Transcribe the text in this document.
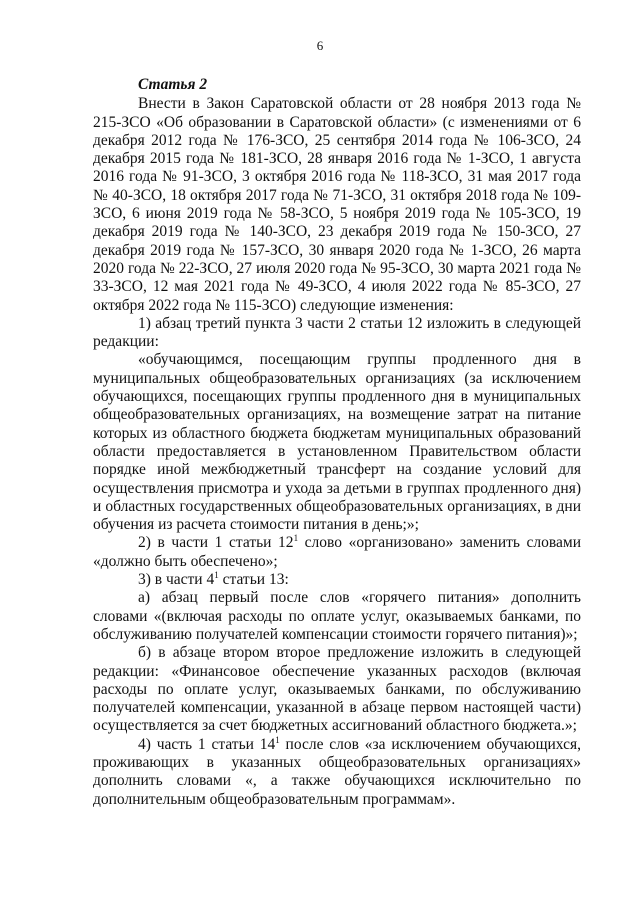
6

Статья 2

Внести в Закон Саратовской области от 28 ноября 2013 года № 215-ЗСО «Об образовании в Саратовской области» (с изменениями от 6 декабря 2012 года № 176-ЗСО, 25 сентября 2014 года № 106-ЗСО, 24 декабря 2015 года № 181-ЗСО, 28 января 2016 года № 1-ЗСО, 1 августа 2016 года № 91-ЗСО, 3 октября 2016 года № 118-ЗСО, 31 мая 2017 года № 40-ЗСО, 18 октября 2017 года № 71-ЗСО, 31 октября 2018 года № 109-ЗСО, 6 июня 2019 года № 58-ЗСО, 5 ноября 2019 года № 105-ЗСО, 19 декабря 2019 года № 140-ЗСО, 23 декабря 2019 года № 150-ЗСО, 27 декабря 2019 года № 157-ЗСО, 30 января 2020 года № 1-ЗСО, 26 марта 2020 года № 22-ЗСО, 27 июля 2020 года № 95-ЗСО, 30 марта 2021 года № 33-ЗСО, 12 мая 2021 года № 49-ЗСО, 4 июля 2022 года № 85-ЗСО, 27 октября 2022 года № 115-ЗСО) следующие изменения:

1) абзац третий пункта 3 части 2 статьи 12 изложить в следующей редакции:

«обучающимся, посещающим группы продленного дня в муниципальных общеобразовательных организациях (за исключением обучающихся, посещающих группы продленного дня в муниципальных общеобразовательных организациях, на возмещение затрат на питание которых из областного бюджета бюджетам муниципальных образований области предоставляется в установленном Правительством области порядке иной межбюджетный трансферт на создание условий для осуществления присмотра и ухода за детьми в группах продленного дня) и областных государственных общеобразовательных организациях, в дни обучения из расчета стоимости питания в день;»;

2) в части 1 статьи $12^1$ слово «организовано» заменить словами «должно быть обеспечено»;

3) в части $4^1$ статьи 13:

а) абзац первый после слов «горячего питания» дополнить словами «(включая расходы по оплате услуг, оказываемых банками, по обслуживанию получателей компенсации стоимости горячего питания)»;

б) в абзаце втором второе предложение изложить в следующей редакции: «Финансовое обеспечение указанных расходов (включая расходы по оплате услуг, оказываемых банками, по обслуживанию получателей компенсации, указанной в абзаце первом настоящей части) осуществляется за счет бюджетных ассигнований областного бюджета.»;

4) часть 1 статьи $14^1$ после слов «за исключением обучающихся, проживающих в указанных общеобразовательных организациях» дополнить словами «, а также обучающихся исключительно по дополнительным общеобразовательным программам».
